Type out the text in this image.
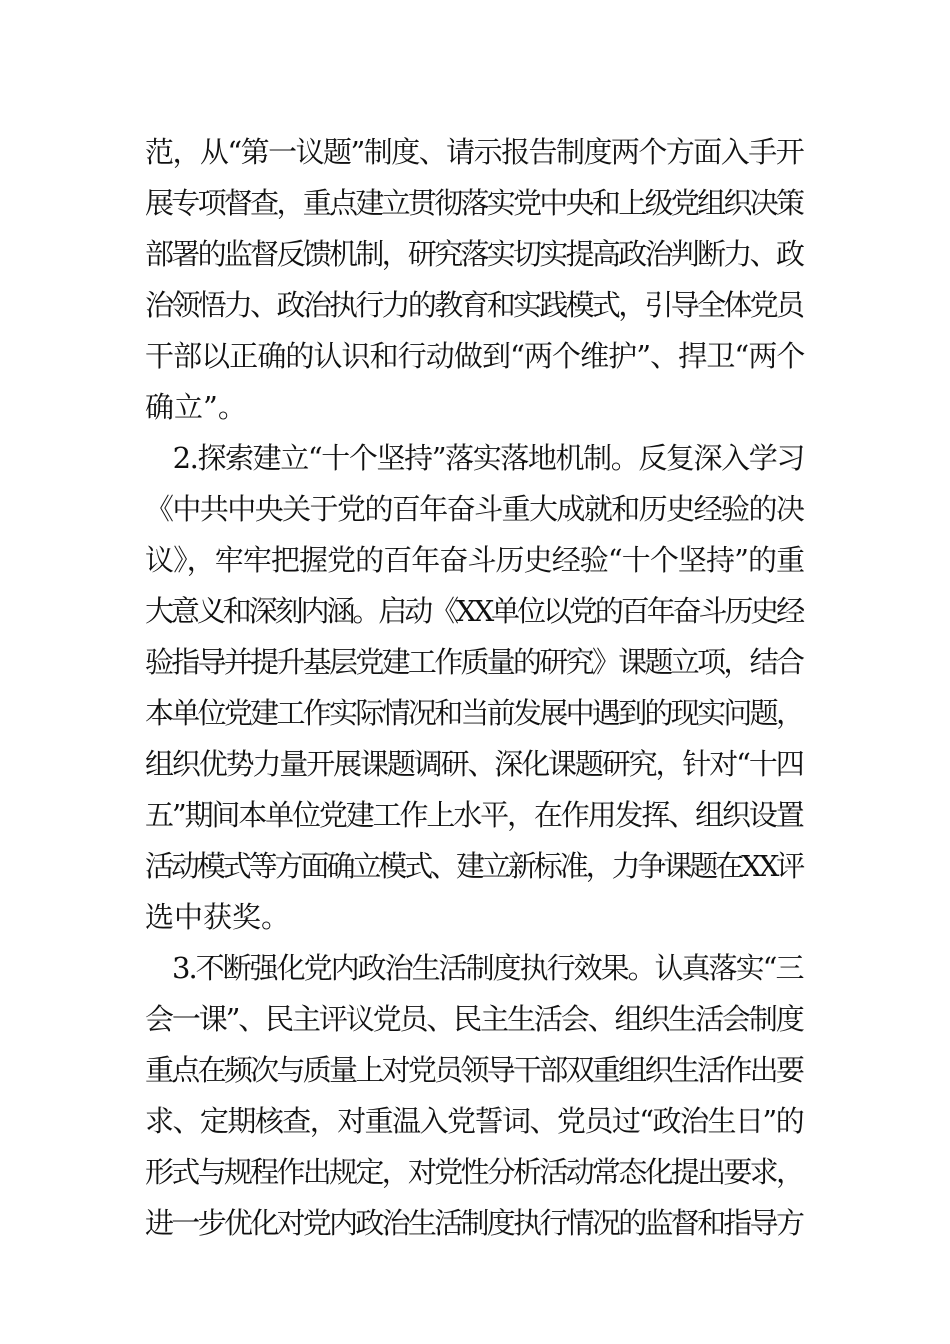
范，从“第一议题”制度、请示报告制度两个方面入手开
展专项督查，重点建立贯彻落实党中央和上级党组织决策
部署的监督反馈机制，研究落实切实提高政治判断力、政
治领悟力、政治执行力的教育和实践模式，引导全体党员
干部以正确的认识和行动做到“两个维护”、捍卫“两个
确立”。
　2.探索建立“十个坚持”落实落地机制。反复深入学习
《中共中央关于党的百年奋斗重大成就和历史经验的决
议》，牢牢把握党的百年奋斗历史经验“十个坚持”的重
大意义和深刻内涵。启动《XX单位以党的百年奋斗历史经
验指导并提升基层党建工作质量的研究》课题立项，结合
本单位党建工作实际情况和当前发展中遇到的现实问题，
组织优势力量开展课题调研、深化课题研究，针对“十四
五”期间本单位党建工作上水平，在作用发挥、组织设置
活动模式等方面确立模式、建立新标准，力争课题在XX评
选中获奖。
　3.不断强化党内政治生活制度执行效果。认真落实“三
会一课”、民主评议党员、民主生活会、组织生活会制度
重点在频次与质量上对党员领导干部双重组织生活作出要
求、定期核查，对重温入党誓词、党员过“政治生日”的
形式与规程作出规定，对党性分析活动常态化提出要求，
进一步优化对党内政治生活制度执行情况的监督和指导方
